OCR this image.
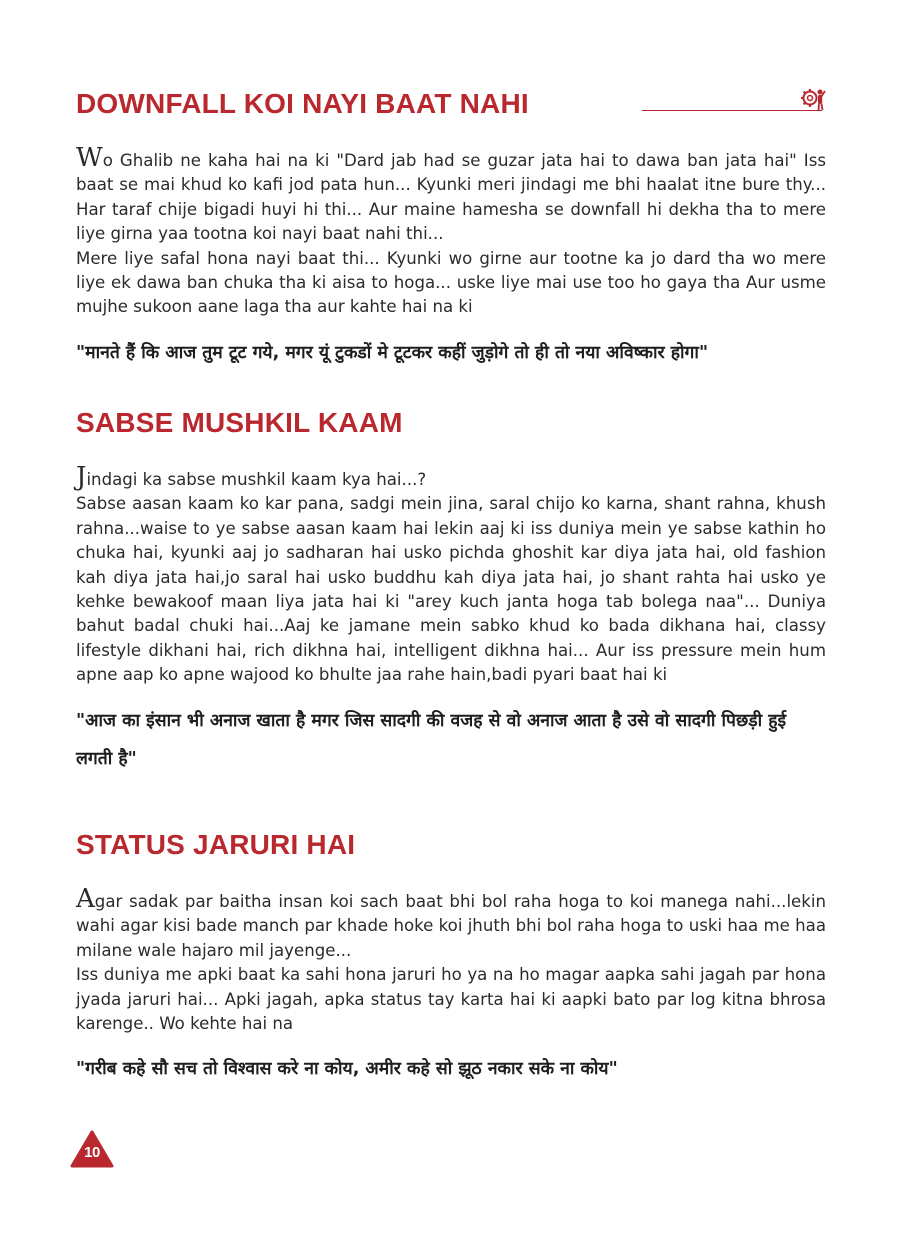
DOWNFALL KOI NAYI BAAT NAHI

Wo Ghalib ne kaha hai na ki "Dard jab had se guzar jata hai to dawa ban jata hai" Iss baat se mai khud ko kafi jod pata hun... Kyunki meri jindagi me bhi haalat itne bure thy... Har taraf chije bigadi huyi hi thi... Aur maine hamesha se downfall hi dekha tha to mere liye girna yaa tootna koi nayi baat nahi thi...

Mere liye safal hona nayi baat thi... Kyunki wo girne aur tootne ka jo dard tha wo mere liye ek dawa ban chuka tha ki aisa to hoga... uske liye mai use too ho gaya tha Aur usme mujhe sukoon aane laga tha aur kahte hai na ki

"मानते हैं कि आज तुम टूट गये, मगर यूं टुकडों मे टूटकर कहीं जुड़ोगे तो ही तो नया अविष्कार होगा"

SABSE MUSHKIL KAAM

Jindagi ka sabse mushkil kaam kya hai...?

Sabse aasan kaam ko kar pana, sadgi mein jina, saral chijo ko karna, shant rahna, khush rahna...waise to ye sabse aasan kaam hai lekin aaj ki iss duniya mein ye sabse kathin ho chuka hai, kyunki aaj jo sadharan hai usko pichda ghoshit kar diya jata hai, old fashion kah diya jata hai,jo saral hai usko buddhu kah diya jata hai, jo shant rahta hai usko ye kehke bewakoof maan liya jata hai ki "arey kuch janta hoga tab bolega naa"... Duniya bahut badal chuki hai...Aaj ke jamane mein sabko khud ko bada dikhana hai, classy lifestyle dikhani hai, rich dikhna hai, intelligent dikhna hai... Aur iss pressure mein hum apne aap ko apne wajood ko bhulte jaa rahe hain,badi pyari baat hai ki

"आज का इंसान भी अनाज खाता है मगर जिस सादगी की वजह से वो अनाज आता है उसे वो सादगी पिछड़ी हुई लगती है"

STATUS JARURI HAI

Agar sadak par baitha insan koi sach baat bhi bol raha hoga to koi manega nahi...lekin wahi agar kisi bade manch par khade hoke koi jhuth bhi bol raha hoga to uski haa me haa milane wale hajaro mil jayenge...

Iss duniya me apki baat ka sahi hona jaruri ho ya na ho magar aapka sahi jagah par hona jyada jaruri hai... Apki jagah, apka status tay karta hai ki aapki bato par log kitna bhrosa karenge.. Wo kehte hai na

"गरीब कहे सौ सच तो विश्वास करे ना कोय, अमीर कहे सो झूठ नकार सके ना कोय"

10
